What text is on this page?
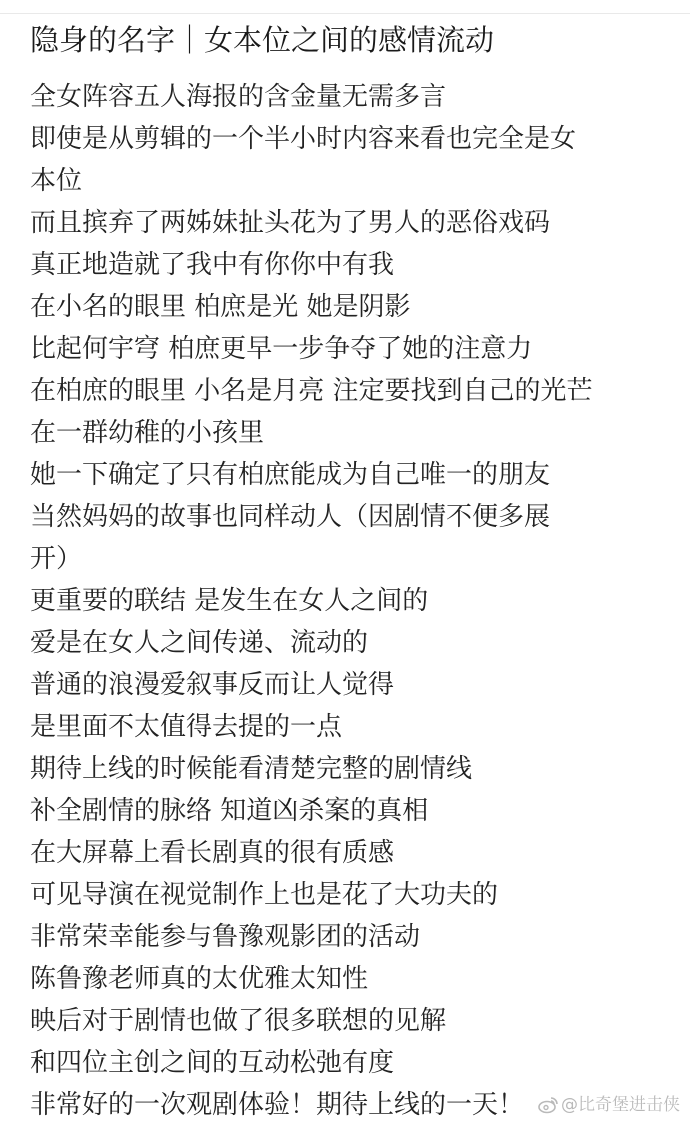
隐身的名字｜女本位之间的感情流动
全女阵容五人海报的含金量无需多言
即使是从剪辑的一个半小时内容来看也完全是女
本位
而且摈弃了两姊妹扯头花为了男人的恶俗戏码
真正地造就了我中有你你中有我
在小名的眼里 柏庶是光 她是阴影
比起何宇穹 柏庶更早一步争夺了她的注意力
在柏庶的眼里 小名是月亮 注定要找到自己的光芒
在一群幼稚的小孩里
她一下确定了只有柏庶能成为自己唯一的朋友
当然妈妈的故事也同样动人（因剧情不便多展
开）
更重要的联结 是发生在女人之间的
爱是在女人之间传递、流动的
普通的浪漫爱叙事反而让人觉得
是里面不太值得去提的一点
期待上线的时候能看清楚完整的剧情线
补全剧情的脉络 知道凶杀案的真相
在大屏幕上看长剧真的很有质感
可见导演在视觉制作上也是花了大功夫的
非常荣幸能参与鲁豫观影团的活动
陈鲁豫老师真的太优雅太知性
映后对于剧情也做了很多联想的见解
和四位主创之间的互动松弛有度
非常好的一次观剧体验！期待上线的一天！	@比奇堡进击侠
